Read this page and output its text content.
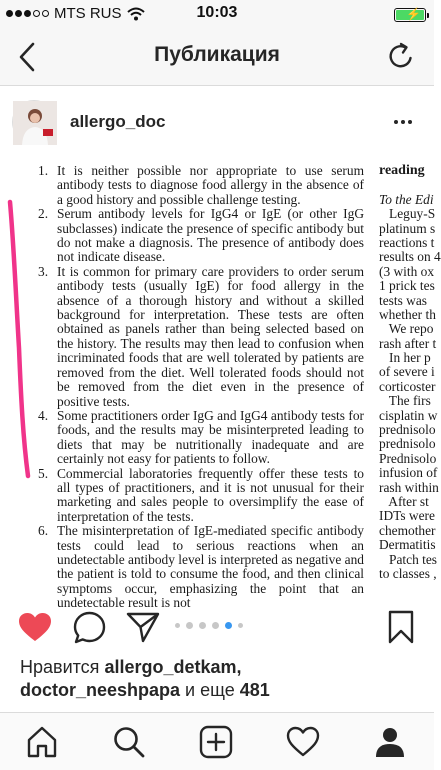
MTS RUS	10:03	⚡
Публикация
allergo_doc
1. It is neither possible nor appropriate to use serum antibody tests to diagnose food allergy in the absence of a good history and possible challenge testing.
2. Serum antibody levels for IgG4 or IgE (or other IgG subclasses) indicate the presence of specific antibody but do not make a diagnosis. The presence of antibody does not indicate disease.
3. It is common for primary care providers to order serum antibody tests (usually IgE) for food allergy in the absence of a thorough history and without a skilled background for interpretation. These tests are often obtained as panels rather than being selected based on the history. The results may then lead to confusion when incriminated foods that are well tolerated by patients are removed from the diet. Well tolerated foods should not be removed from the diet even in the presence of positive tests.
4. Some practitioners order IgG and IgG4 antibody tests for foods, and the results may be misinterpreted leading to diets that may be nutritionally inadequate and are certainly not easy for patients to follow.
5. Commercial laboratories frequently offer these tests to all types of practitioners, and it is not unusual for their marketing and sales people to oversimplify the ease of interpretation of the tests.
6. The misinterpretation of IgE-mediated specific antibody tests could lead to serious reactions when an undetectable antibody level is interpreted as negative and the patient is told to consume the food, and then clinical symptoms occur, emphasizing the point that an undetectable result is not
reading
To the Edi
Leguy-S
platinum s
reactions t
results on 4
(3 with ox
1 prick tes
tests was
whether th
We repo
rash after t
In her p
of severe i
corticoster
The firs
cisplatin w
prednisolo
prednisolo
Prednisolo
infusion of
rash within
After st
IDTs were
chemother
Dermatitis
Patch tes
to classes ,
Нравится allergo_detkam,
doctor_neeshpapa и еще 481
